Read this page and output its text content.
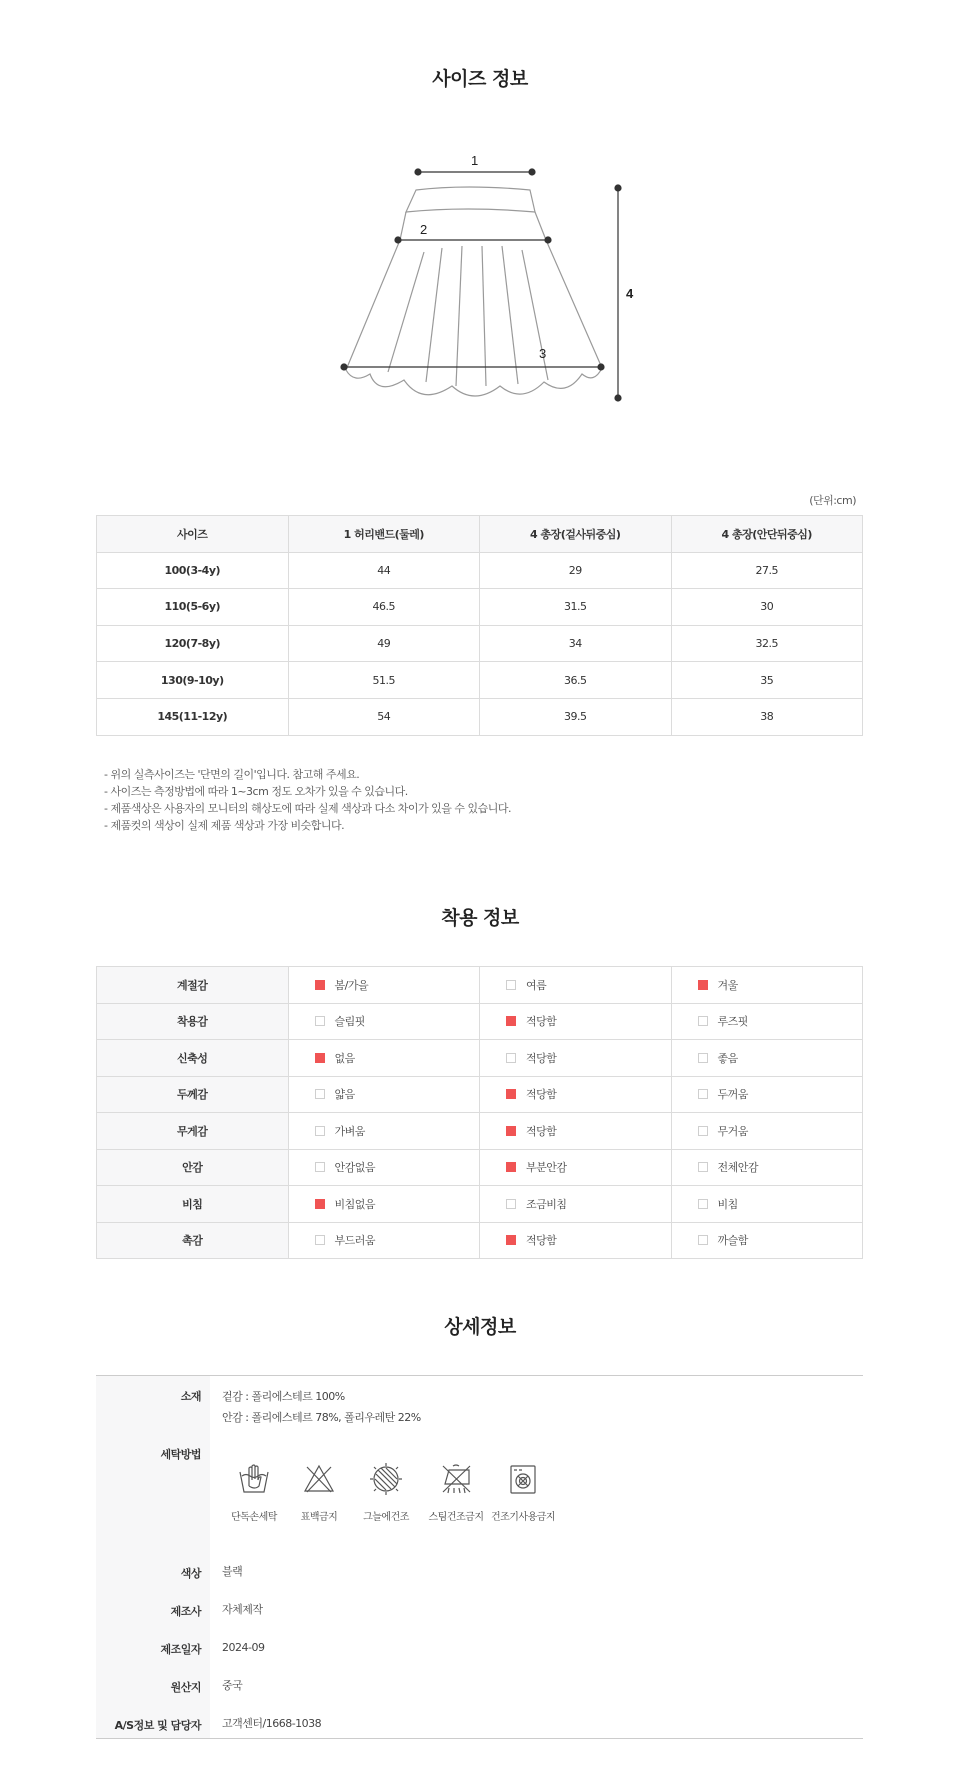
사이즈 정보
1
2
3
4
(단위:cm)
사이즈	1 허리밴드(둘레)	4 총장(겉사뒤중심)	4 총장(안단뒤중심)
100(3-4y)	44	29	27.5
110(5-6y)	46.5	31.5	30
120(7-8y)	49	34	32.5
130(9-10y)	51.5	36.5	35
145(11-12y)	54	39.5	38
- 위의 실측사이즈는 '단면의 길이'입니다. 참고해 주세요.
- 사이즈는 측정방법에 따라 1~3cm 정도 오차가 있을 수 있습니다.
- 제품색상은 사용자의 모니터의 해상도에 따라 실제 색상과 다소 차이가 있을 수 있습니다.
- 제품컷의 색상이 실제 제품 색상과 가장 비슷합니다.
착용 정보
계절감	봄/가을	여름	겨울
착용감	슬림핏	적당함	루즈핏
신축성	없음	적당함	좋음
두께감	얇음	적당함	두꺼움
무게감	가벼움	적당함	무거움
안감	안감없음	부분안감	전체안감
비침	비침없음	조금비침	비침
촉감	부드러움	적당함	까슬함
상세정보
소재 겉감 : 폴리에스테르 100%
안감 : 폴리에스테르 78%, 폴리우레탄 22%
세탁방법
단독손세탁	표백금지	그늘에건조	스팀건조금지 건조기사용금지
색상 블랙
제조사 자체제작
제조일자 2024-09
원산지 중국
A/S정보 및 담당자 고객센터/1668-1038
